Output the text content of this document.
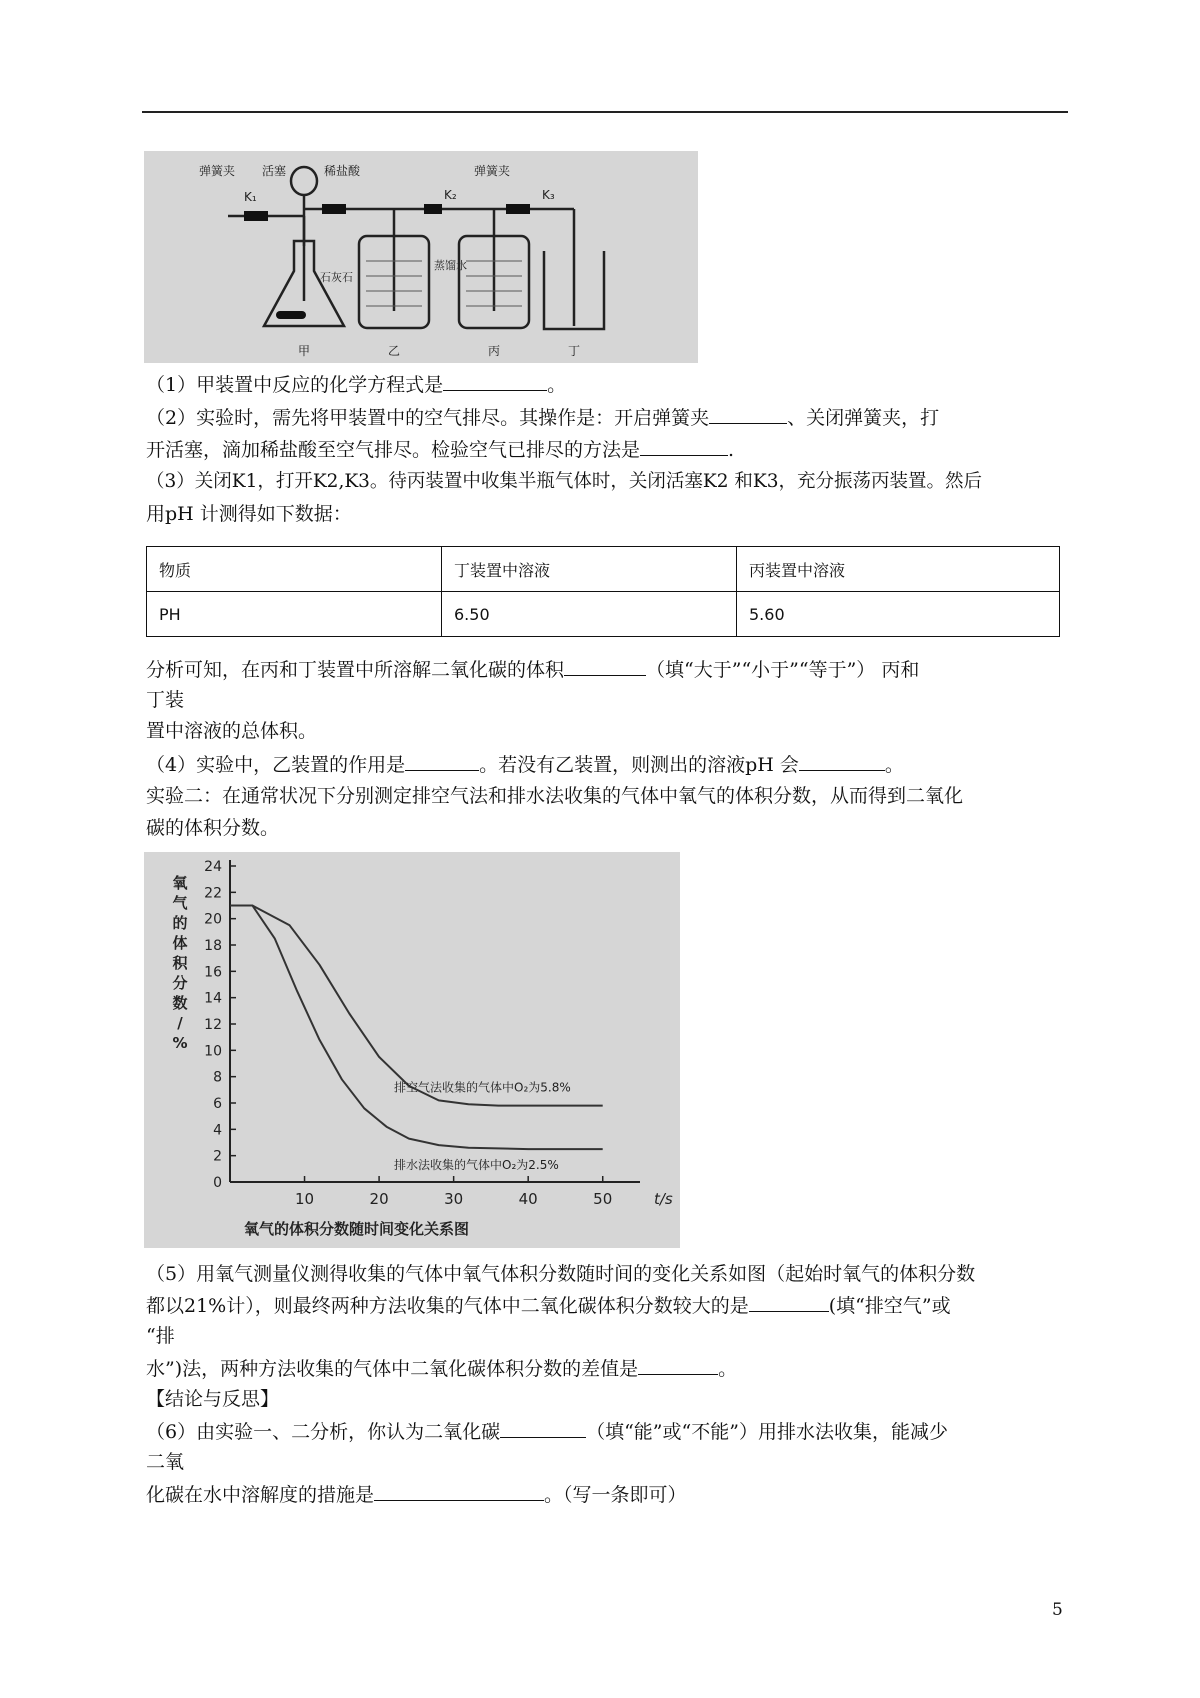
弹簧夹 活塞	稀盐酸	弹簧夹
K₁	K₂	K₃
石灰石
蒸馏水
甲	乙	丙	丁
（1）甲装置中反应的化学方程式是	。
（2）实验时，需先将甲装置中的空气排尽。其操作是：开启弹簧夹	、关闭弹簧夹，打
开活塞，滴加稀盐酸至空气排尽。检验空气已排尽的方法是	.
（3）关闭K1，打开K2,K3。待丙装置中收集半瓶气体时，关闭活塞K2 和K3，充分振荡丙装置。然后
用pH 计测得如下数据：
物质	丁装置中溶液	丙装置中溶液
PH	6.50	5.60
分析可知，在丙和丁装置中所溶解二氧化碳的体积	（填“大于”“小于”“等于”） 丙和
丁装
置中溶液的总体积。
（4）实验中，乙装置的作用是	。若没有乙装置，则测出的溶液pH 会	。
实验二：在通常状况下分别测定排空气法和排水法收集的气体中氧气的体积分数，从而得到二氧化
碳的体积分数。
0
2
4
6
8
10
12
14
16
18
20
22
24
10	20	30	40	50
排空气法收集的气体中O₂为5.8%
排水法收集的气体中O₂为2.5%
氧气的体积分数随时间变化关系图
t/s
氧
气
的
体
积
分
数
/
%
（5）用氧气测量仪测得收集的气体中氧气体积分数随时间的变化关系如图（起始时氧气的体积分数
都以21%计），则最终两种方法收集的气体中二氧化碳体积分数较大的是	(填“排空气”或
“排
水”)法，两种方法收集的气体中二氧化碳体积分数的差值是	。
【结论与反思】
（6）由实验一、二分析，你认为二氧化碳	（填“能”或“不能”）用排水法收集，能减少
二氧
化碳在水中溶解度的措施是	。（写一条即可）
5
